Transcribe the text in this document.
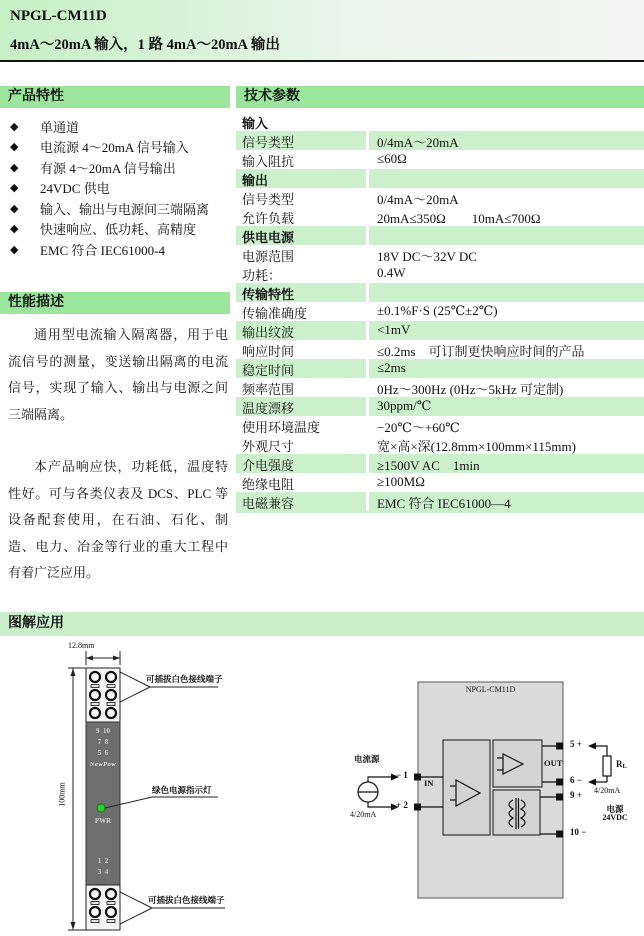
NPGL-CM11D
4mA～20mA 输入，1 路 4mA～20mA 输出
产品特性
◆	单通道
◆	电流源 4～20mA 信号输入
◆	有源 4～20mA 信号输出
◆	24VDC 供电
◆	输入、输出与电源间三端隔离
◆	快速响应、低功耗、高精度
◆	EMC 符合 IEC61000-4
性能描述

通用型电流输入隔离器，用于电流信号的测量，变送输出隔离的电流信号，实现了输入、输出与电源之间三端隔离。

本产品响应快，功耗低，温度特性好。可与各类仪表及 DCS、PLC 等设备配套使用，在石油、石化、制造、电力、冶金等行业的重大工程中有着广泛应用。

技术参数
输入
信号类型	0/4mA～20mA
输入阻抗	≤60Ω
输出
信号类型	0/4mA～20mA
允许负载	20mA≤350Ω　　10mA≤700Ω
供电电源
电源范围	18V DC～32V DC
功耗：	0.4W
传输特性
传输准确度	±0.1%F·S (25℃±2℃)
输出纹波	<1mV
响应时间	≤0.2ms　可订制更快响应时间的产品
稳定时间	≤2ms
频率范围	0Hz～300Hz (0Hz～5kHz 可定制)
温度漂移	30ppm/℃
使用环境温度	−20℃～+60℃
外观尺寸	宽×高×深(12.8mm×100mm×115mm)
介电强度	≥1500V AC　1min
绝缘电阻	≥100MΩ
电磁兼容	EMC 符合 IEC61000—4
图解应用
12.8mm
100mm
9  10
7  8
5  6
NewPow
PWR
1  2
3  4
可插拔白色接线端子
绿色电源指示灯
可插拔白色接线端子
NPGL-CM11D
IN
OUT
电流源
4/20mA
− 1
+ 2
5 +
6 −
9 +
10 −
RL
4/20mA
电源
24VDC
